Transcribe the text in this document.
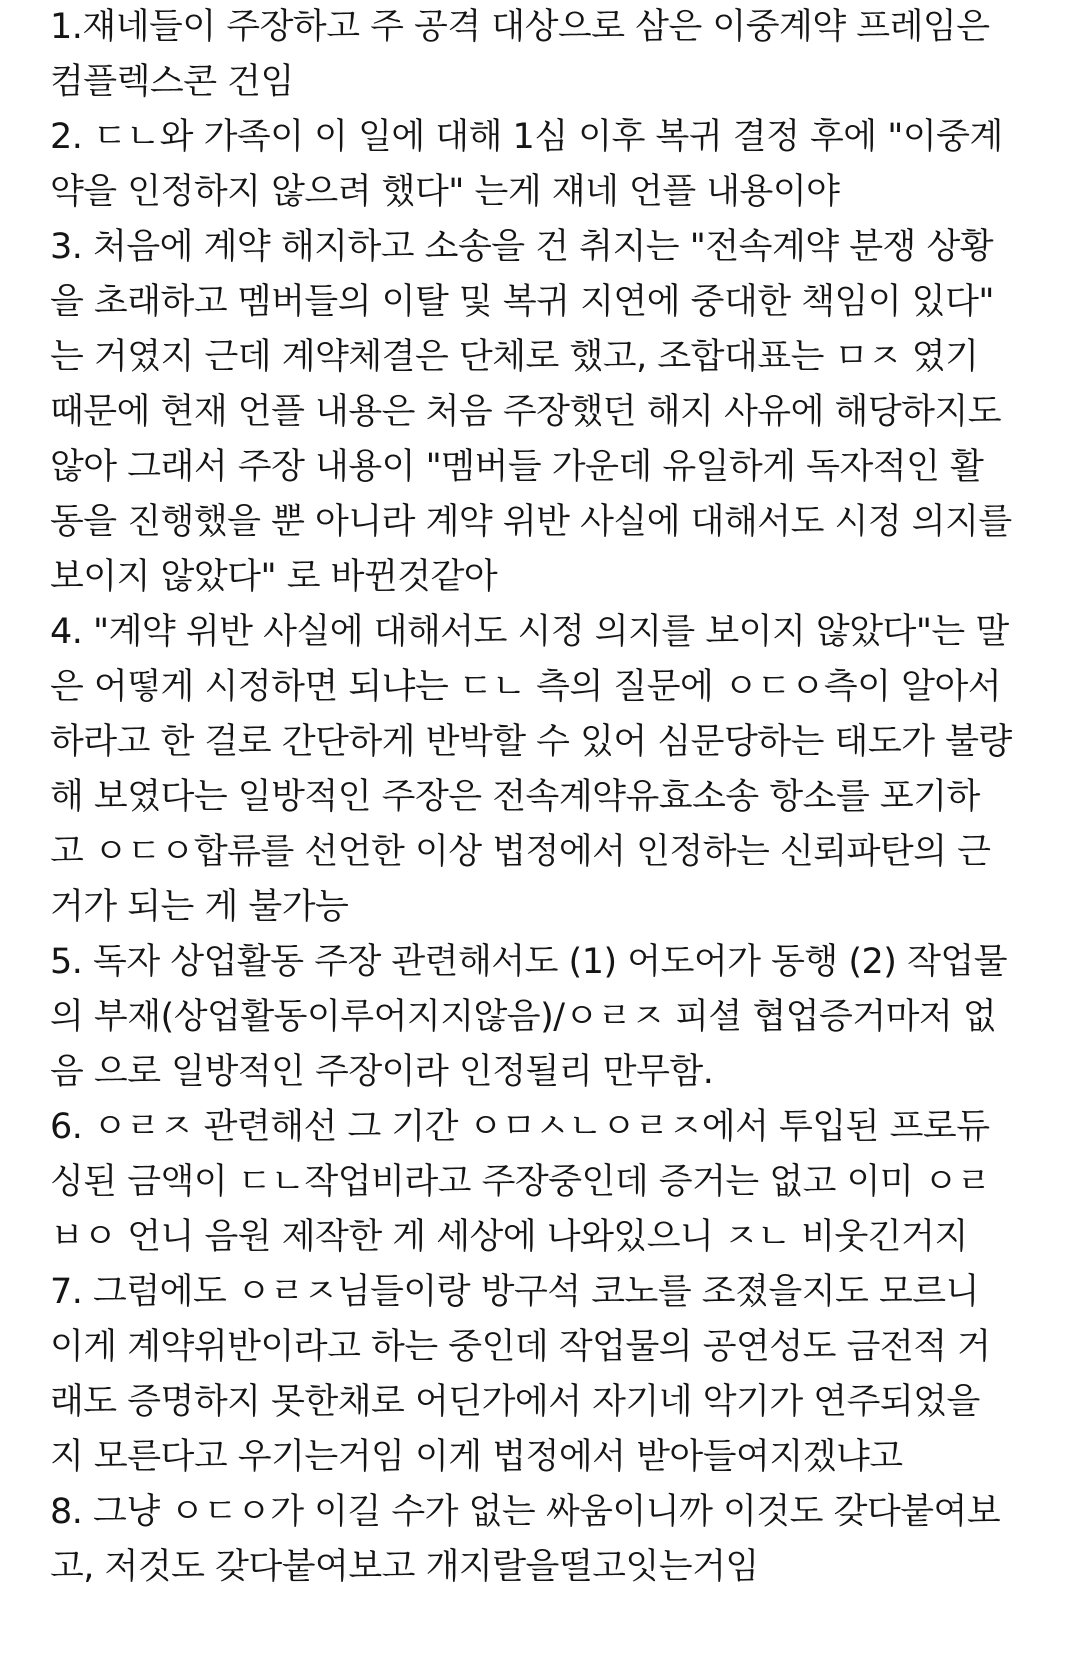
1.쟤네들이 주장하고 주 공격 대상으로 삼은 이중계약 프레임은
컴플렉스콘 건임
2. ㄷㄴ와 가족이 이 일에 대해 1심 이후 복귀 결정 후에 "이중계
약을 인정하지 않으려 했다" 는게 쟤네 언플 내용이야
3. 처음에 계약 해지하고 소송을 건 취지는 "전속계약 분쟁 상황
을 초래하고 멤버들의 이탈 및 복귀 지연에 중대한 책임이 있다"
는 거였지 근데 계약체결은 단체로 했고, 조합대표는 ㅁㅈ 였기
때문에 현재 언플 내용은 처음 주장했던 해지 사유에 해당하지도
않아 그래서 주장 내용이 "멤버들 가운데 유일하게 독자적인 활
동을 진행했을 뿐 아니라 계약 위반 사실에 대해서도 시정 의지를
보이지 않았다" 로 바뀐것같아
4. "계약 위반 사실에 대해서도 시정 의지를 보이지 않았다"는 말
은 어떻게 시정하면 되냐는 ㄷㄴ 측의 질문에 ㅇㄷㅇ측이 알아서
하라고 한 걸로 간단하게 반박할 수 있어 심문당하는 태도가 불량
해 보였다는 일방적인 주장은 전속계약유효소송 항소를 포기하
고 ㅇㄷㅇ합류를 선언한 이상 법정에서 인정하는 신뢰파탄의 근
거가 되는 게 불가능
5. 독자 상업활동 주장 관련해서도 (1) 어도어가 동행 (2) 작업물
의 부재(상업활동이루어지지않음)/ㅇㄹㅈ 피셜 협업증거마저 없
음 으로 일방적인 주장이라 인정될리 만무함.
6. ㅇㄹㅈ 관련해선 그 기간 ㅇㅁㅅㄴㅇㄹㅈ에서 투입된 프로듀
싱된 금액이 ㄷㄴ작업비라고 주장중인데 증거는 없고 이미 ㅇㄹ
ㅂㅇ 언니 음원 제작한 게 세상에 나와있으니 ㅈㄴ 비웃긴거지
7. 그럼에도 ㅇㄹㅈ님들이랑 방구석 코노를 조졌을지도 모르니
이게 계약위반이라고 하는 중인데 작업물의 공연성도 금전적 거
래도 증명하지 못한채로 어딘가에서 자기네 악기가 연주되었을
지 모른다고 우기는거임 이게 법정에서 받아들여지겠냐고
8. 그냥 ㅇㄷㅇ가 이길 수가 없는 싸움이니까 이것도 갖다붙여보
고, 저것도 갖다붙여보고 개지랄을떨고잇는거임
